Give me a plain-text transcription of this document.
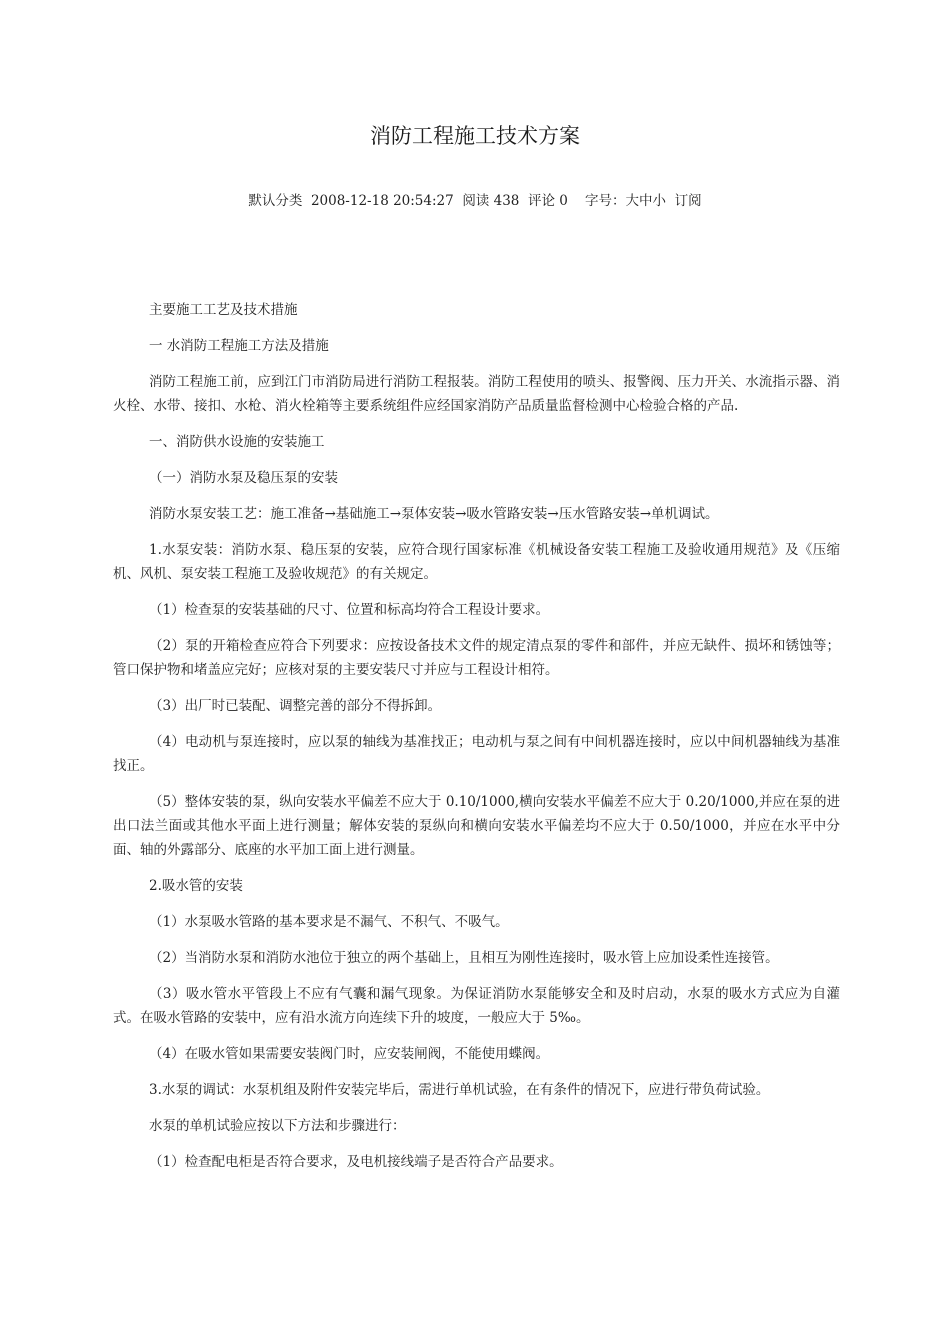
消防工程施工技术方案
默认分类 2008-12-18 20:54:27 阅读 438 评论 0 字号：大中小 订阅

主要施工工艺及技术措施

一 水消防工程施工方法及措施

消防工程施工前，应到江门市消防局进行消防工程报装。消防工程使用的喷头、报警阀、压力开关、水流指示器、消火栓、水带、接扣、水枪、消火栓箱等主要系统组件应经国家消防产品质量监督检测中心检验合格的产品.

一、消防供水设施的安装施工

（一）消防水泵及稳压泵的安装

消防水泵安装工艺：施工准备→基础施工→泵体安装→吸水管路安装→压水管路安装→单机调试。

1.水泵安装：消防水泵、稳压泵的安装，应符合现行国家标准《机械设备安装工程施工及验收通用规范》及《压缩机、风机、泵安装工程施工及验收规范》的有关规定。

（1）检查泵的安装基础的尺寸、位置和标高均符合工程设计要求。

（2）泵的开箱检查应符合下列要求：应按设备技术文件的规定清点泵的零件和部件，并应无缺件、损坏和锈蚀等；管口保护物和堵盖应完好；应核对泵的主要安装尺寸并应与工程设计相符。

（3）出厂时已装配、调整完善的部分不得拆卸。

（4）电动机与泵连接时，应以泵的轴线为基准找正；电动机与泵之间有中间机器连接时，应以中间机器轴线为基准找正。

（5）整体安装的泵，纵向安装水平偏差不应大于 0.10/1000,横向安装水平偏差不应大于 0.20/1000,并应在泵的进出口法兰面或其他水平面上进行测量；解体安装的泵纵向和横向安装水平偏差均不应大于 0.50/1000，并应在水平中分面、轴的外露部分、底座的水平加工面上进行测量。

2.吸水管的安装

（1）水泵吸水管路的基本要求是不漏气、不积气、不吸气。

（2）当消防水泵和消防水池位于独立的两个基础上，且相互为刚性连接时，吸水管上应加设柔性连接管。

（3）吸水管水平管段上不应有气囊和漏气现象。为保证消防水泵能够安全和及时启动，水泵的吸水方式应为自灌式。在吸水管路的安装中，应有沿水流方向连续下升的坡度，一般应大于 5‰。

（4）在吸水管如果需要安装阀门时，应安装闸阀，不能使用蝶阀。

3.水泵的调试：水泵机组及附件安装完毕后，需进行单机试验，在有条件的情况下，应进行带负荷试验。

水泵的单机试验应按以下方法和步骤进行：

（1）检查配电柜是否符合要求，及电机接线端子是否符合产品要求。
